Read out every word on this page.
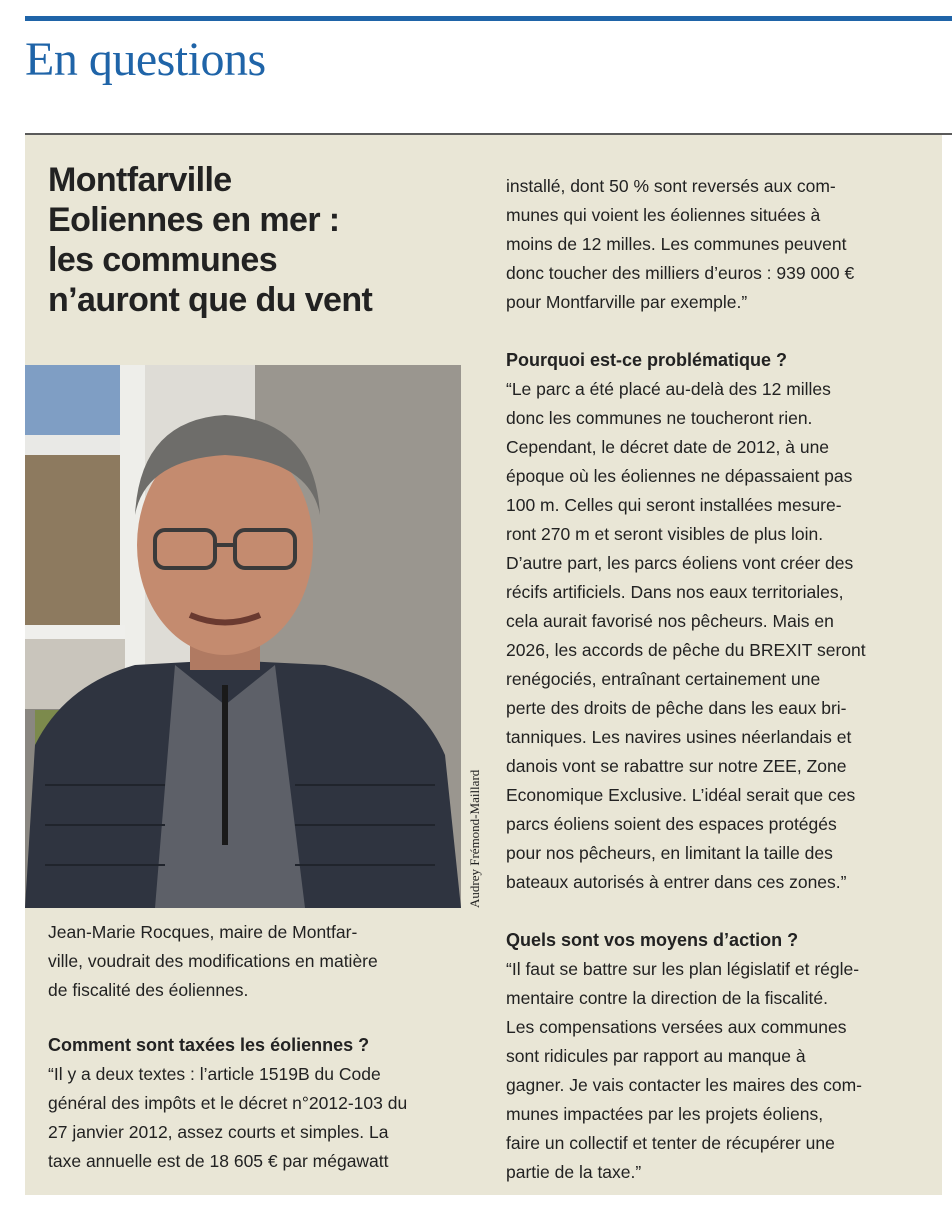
En questions
Montfarville
Eoliennes en mer :
les communes
n’auront que du vent
Audrey Frémond-Maillard
Jean-Marie Rocques, maire de Montfar-
ville, voudrait des modifications en matière
de fiscalité des éoliennes.
Comment sont taxées les éoliennes ?
“Il y a deux textes : l’article 1519B du Code
général des impôts et le décret n°2012-103 du
27 janvier 2012, assez courts et simples. La
taxe annuelle est de 18 605 € par mégawatt
installé, dont 50 % sont reversés aux com-
munes qui voient les éoliennes situées à
moins de 12 milles. Les communes peuvent
donc toucher des milliers d’euros : 939 000 €
pour Montfarville par exemple.”
Pourquoi est-ce problématique ?
“Le parc a été placé au-delà des 12 milles
donc les communes ne toucheront rien.
Cependant, le décret date de 2012, à une
époque où les éoliennes ne dépassaient pas
100 m. Celles qui seront installées mesure-
ront 270 m et seront visibles de plus loin.
D’autre part, les parcs éoliens vont créer des
récifs artificiels. Dans nos eaux territoriales,
cela aurait favorisé nos pêcheurs. Mais en
2026, les accords de pêche du BREXIT seront
renégociés, entraînant certainement une
perte des droits de pêche dans les eaux bri-
tanniques. Les navires usines néerlandais et
danois vont se rabattre sur notre ZEE, Zone
Economique Exclusive. L’idéal serait que ces
parcs éoliens soient des espaces protégés
pour nos pêcheurs, en limitant la taille des
bateaux autorisés à entrer dans ces zones.”
Quels sont vos moyens d’action ?
“Il faut se battre sur les plan législatif et régle-
mentaire contre la direction de la fiscalité.
Les compensations versées aux communes
sont ridicules par rapport au manque à
gagner. Je vais contacter les maires des com-
munes impactées par les projets éoliens,
faire un collectif et tenter de récupérer une
partie de la taxe.”
